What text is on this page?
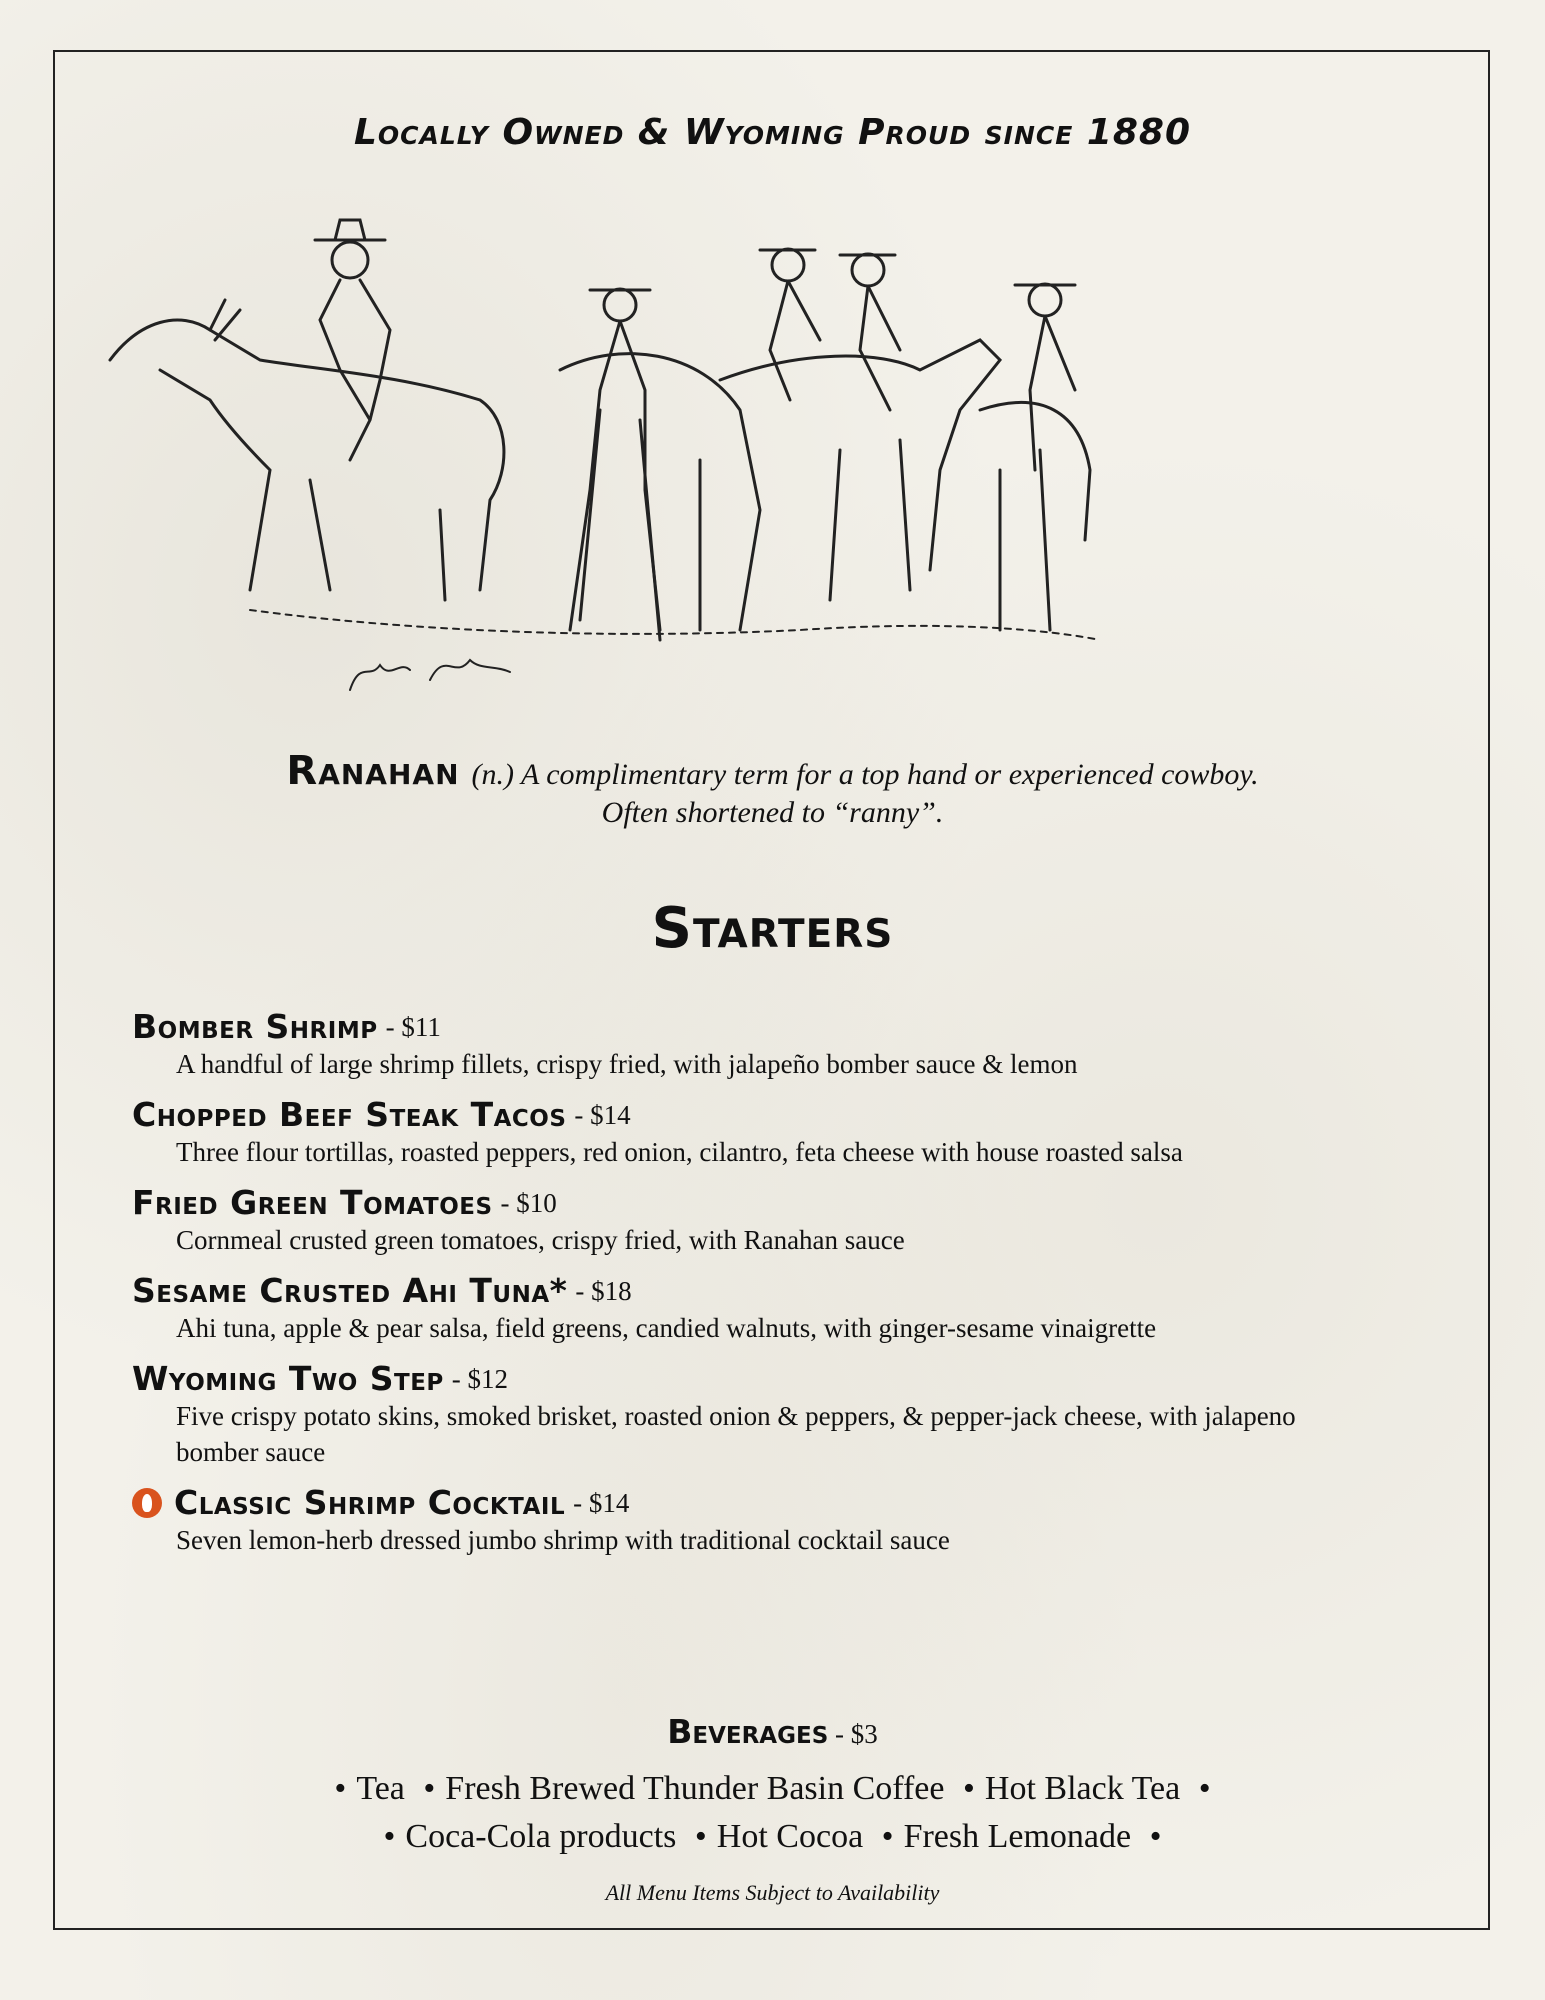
Locally Owned & Wyoming Proud since 1880
Ranahan (n.) A complimentary term for a top hand or experienced cowboy.
Often shortened to “ranny”.
Starters
Bomber Shrimp - $11
A handful of large shrimp fillets, crispy fried, with jalapeño bomber sauce & lemon
Chopped Beef Steak Tacos - $14
Three flour tortillas, roasted peppers, red onion, cilantro, feta cheese with house roasted salsa
Fried Green Tomatoes - $10
Cornmeal crusted green tomatoes, crispy fried, with Ranahan sauce
Sesame Crusted Ahi Tuna* - $18
Ahi tuna, apple & pear salsa, field greens, candied walnuts, with ginger-sesame vinaigrette
Wyoming Two Step - $12
Five crispy potato skins, smoked brisket, roasted onion & peppers, & pepper-jack cheese, with jalapeno bomber sauce
Classic Shrimp Cocktail - $14
Seven lemon-herb dressed jumbo shrimp with traditional cocktail sauce
Beverages - $3
• Tea • Fresh Brewed Thunder Basin Coffee • Hot Black Tea •
• Coca-Cola products • Hot Cocoa • Fresh Lemonade •
All Menu Items Subject to Availability
